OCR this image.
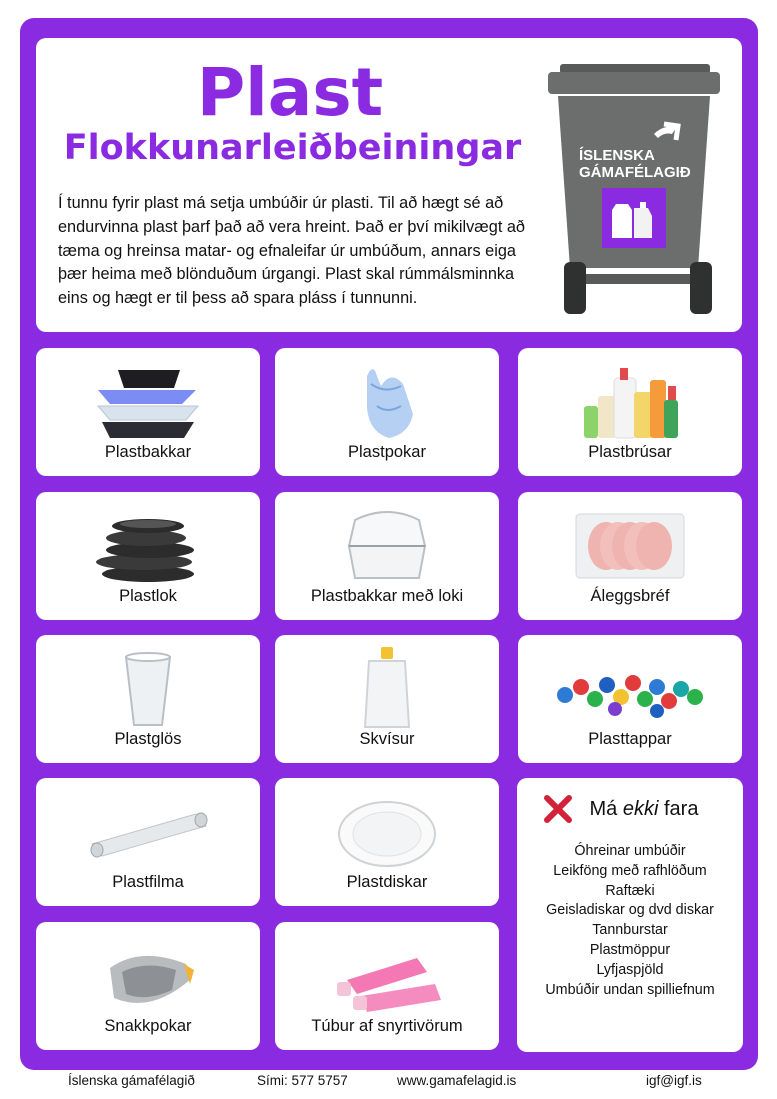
Plast
Flokkunarleiðbeiningar
Í tunnu fyrir plast má setja umbúðir úr plasti. Til að hægt sé að endurvinna plast þarf það að vera hreint. Það er því mikilvægt að tæma og hreinsa matar- og efnaleifar úr umbúðum, annars eiga þær heima með blönduðum úrgangi. Plast skal rúmmálsminnka eins og hægt er til þess að spara pláss í tunnunni.
ÍSLENSKA
GÁMAFÉLAGIÐ
Plastbakkar	Plastpokar	Plastbrúsar
Plastlok	Plastbakkar með loki	Áleggsbréf
Plastglös	Skvísur	Plasttappar
Plastfilma	Plastdiskar
Snakkpokar	Túbur af snyrtivörum
Má ekki fara
Óhreinar umbúðir
Leikföng með rafhlöðum
Raftæki
Geisladiskar og dvd diskar
Tannburstar
Plastmöppur
Lyfjaspjöld
Umbúðir undan spilliefnum
Íslenska gámafélagið	Sími: 577 5757	www.gamafelagid.is	igf@igf.is
